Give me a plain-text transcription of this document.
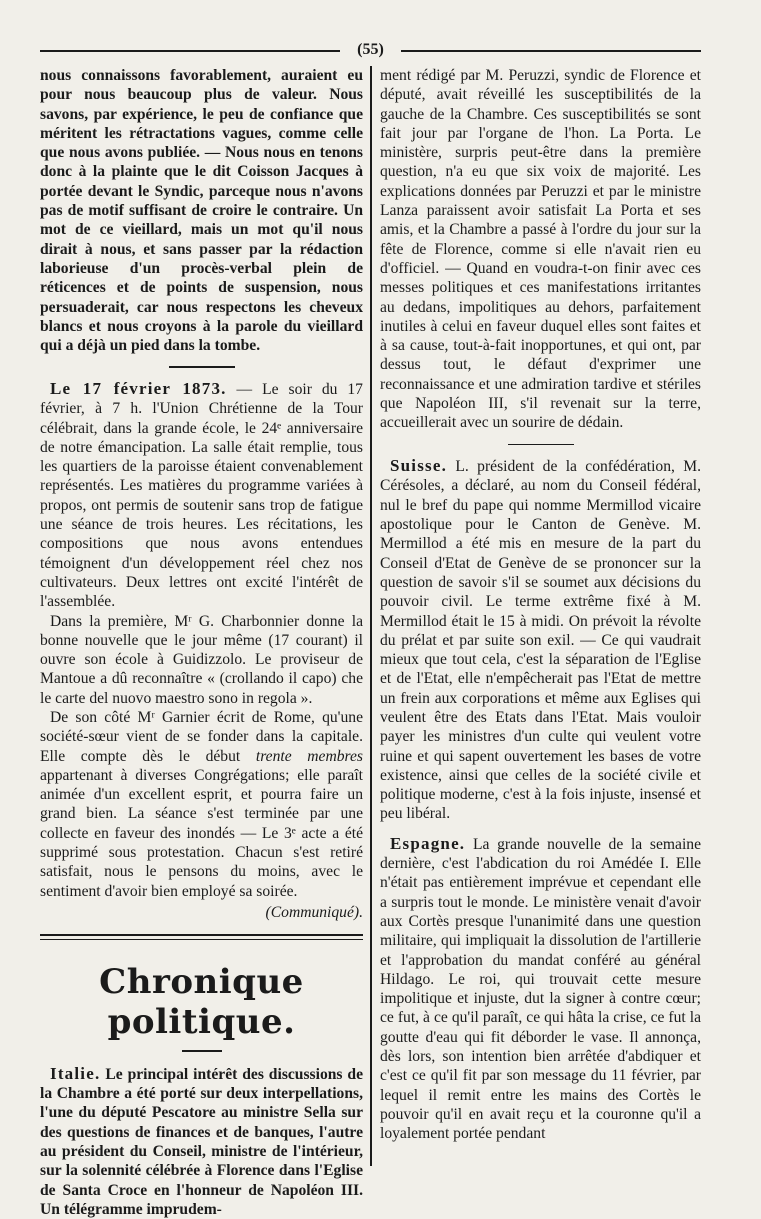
(55)

nous connaissons favorablement, auraient eu pour nous beaucoup plus de valeur. Nous savons, par expérience, le peu de confiance que méritent les rétractations vagues, comme celle que nous avons publiée. — Nous nous en tenons donc à la plainte que le dit Coisson Jacques à portée devant le Syndic, parceque nous n'avons pas de motif suffisant de croire le contraire. Un mot de ce vieillard, mais un mot qu'il nous dirait à nous, et sans passer par la rédaction laborieuse d'un procès-verbal plein de réticences et de points de suspension, nous persuaderait, car nous respectons les cheveux blancs et nous croyons à la parole du vieillard qui a déjà un pied dans la tombe.

Le 17 février 1873. — Le soir du 17 février, à 7 h. l'Union Chrétienne de la Tour célébrait, dans la grande école, le 24ᵉ anniversaire de notre émancipation. La salle était remplie, tous les quartiers de la paroisse étaient convenablement représentés. Les matières du programme variées à propos, ont permis de soutenir sans trop de fatigue une séance de trois heures. Les récitations, les compositions que nous avons entendues témoignent d'un développement réel chez nos cultivateurs. Deux lettres ont excité l'intérêt de l'assemblée.

Dans la première, Mʳ G. Charbonnier donne la bonne nouvelle que le jour même (17 courant) il ouvre son école à Guidizzolo. Le proviseur de Mantoue a dû reconnaître « (crollando il capo) che le carte del nuovo maestro sono in regola ».

De son côté Mʳ Garnier écrit de Rome, qu'une société-sœur vient de se fonder dans la capitale. Elle compte dès le début trente membres appartenant à diverses Congrégations; elle paraît animée d'un excellent esprit, et pourra faire un grand bien. La séance s'est terminée par une collecte en faveur des inondés — Le 3ᵉ acte a été supprimé sous protestation. Chacun s'est retiré satisfait, nous le pensons du moins, avec le sentiment d'avoir bien employé sa soirée.
(Communiqué).

Chronique politique.

Italie. Le principal intérêt des discussions de la Chambre a été porté sur deux interpellations, l'une du député Pescatore au ministre Sella sur des questions de finances et de banques, l'autre au président du Conseil, ministre de l'intérieur, sur la solennité célébrée à Florence dans l'Eglise de Santa Croce en l'honneur de Napoléon III. Un télégramme imprudem-

ment rédigé par M. Peruzzi, syndic de Florence et député, avait réveillé les susceptibilités de la gauche de la Chambre. Ces susceptibilités se sont fait jour par l'organe de l'hon. La Porta. Le ministère, surpris peut-être dans la première question, n'a eu que six voix de majorité. Les explications données par Peruzzi et par le ministre Lanza paraissent avoir satisfait La Porta et ses amis, et la Chambre a passé à l'ordre du jour sur la fête de Florence, comme si elle n'avait rien eu d'officiel. — Quand en voudra-t-on finir avec ces messes politiques et ces manifestations irritantes au dedans, impolitiques au dehors, parfaitement inutiles à celui en faveur duquel elles sont faites et à sa cause, tout-à-fait inopportunes, et qui ont, par dessus tout, le défaut d'exprimer une reconnaissance et une admiration tardive et stériles que Napoléon III, s'il revenait sur la terre, accueillerait avec un sourire de dédain.

Suisse. L. président de la confédération, M. Cérésoles, a déclaré, au nom du Conseil fédéral, nul le bref du pape qui nomme Mermillod vicaire apostolique pour le Canton de Genève. M. Mermillod a été mis en mesure de la part du Conseil d'Etat de Genève de se prononcer sur la question de savoir s'il se soumet aux décisions du pouvoir civil. Le terme extrême fixé à M. Mermillod était le 15 à midi. On prévoit la révolte du prélat et par suite son exil. — Ce qui vaudrait mieux que tout cela, c'est la séparation de l'Eglise et de l'Etat, elle n'empêcherait pas l'Etat de mettre un frein aux corporations et même aux Eglises qui veulent être des Etats dans l'Etat. Mais vouloir payer les ministres d'un culte qui veulent votre ruine et qui sapent ouvertement les bases de votre existence, ainsi que celles de la société civile et politique moderne, c'est à la fois injuste, insensé et peu libéral.

Espagne. La grande nouvelle de la semaine dernière, c'est l'abdication du roi Amédée I. Elle n'était pas entièrement imprévue et cependant elle a surpris tout le monde. Le ministère venait d'avoir aux Cortès presque l'unanimité dans une question militaire, qui impliquait la dissolution de l'artillerie et l'approbation du mandat conféré au général Hildago. Le roi, qui trouvait cette mesure impolitique et injuste, dut la signer à contre cœur; ce fut, à ce qu'il paraît, ce qui hâta la crise, ce fut la goutte d'eau qui fit déborder le vase. Il annonça, dès lors, son intention bien arrêtée d'abdiquer et c'est ce qu'il fit par son message du 11 février, par lequel il remit entre les mains des Cortès le pouvoir qu'il en avait reçu et la couronne qu'il a loyalement portée pendant
